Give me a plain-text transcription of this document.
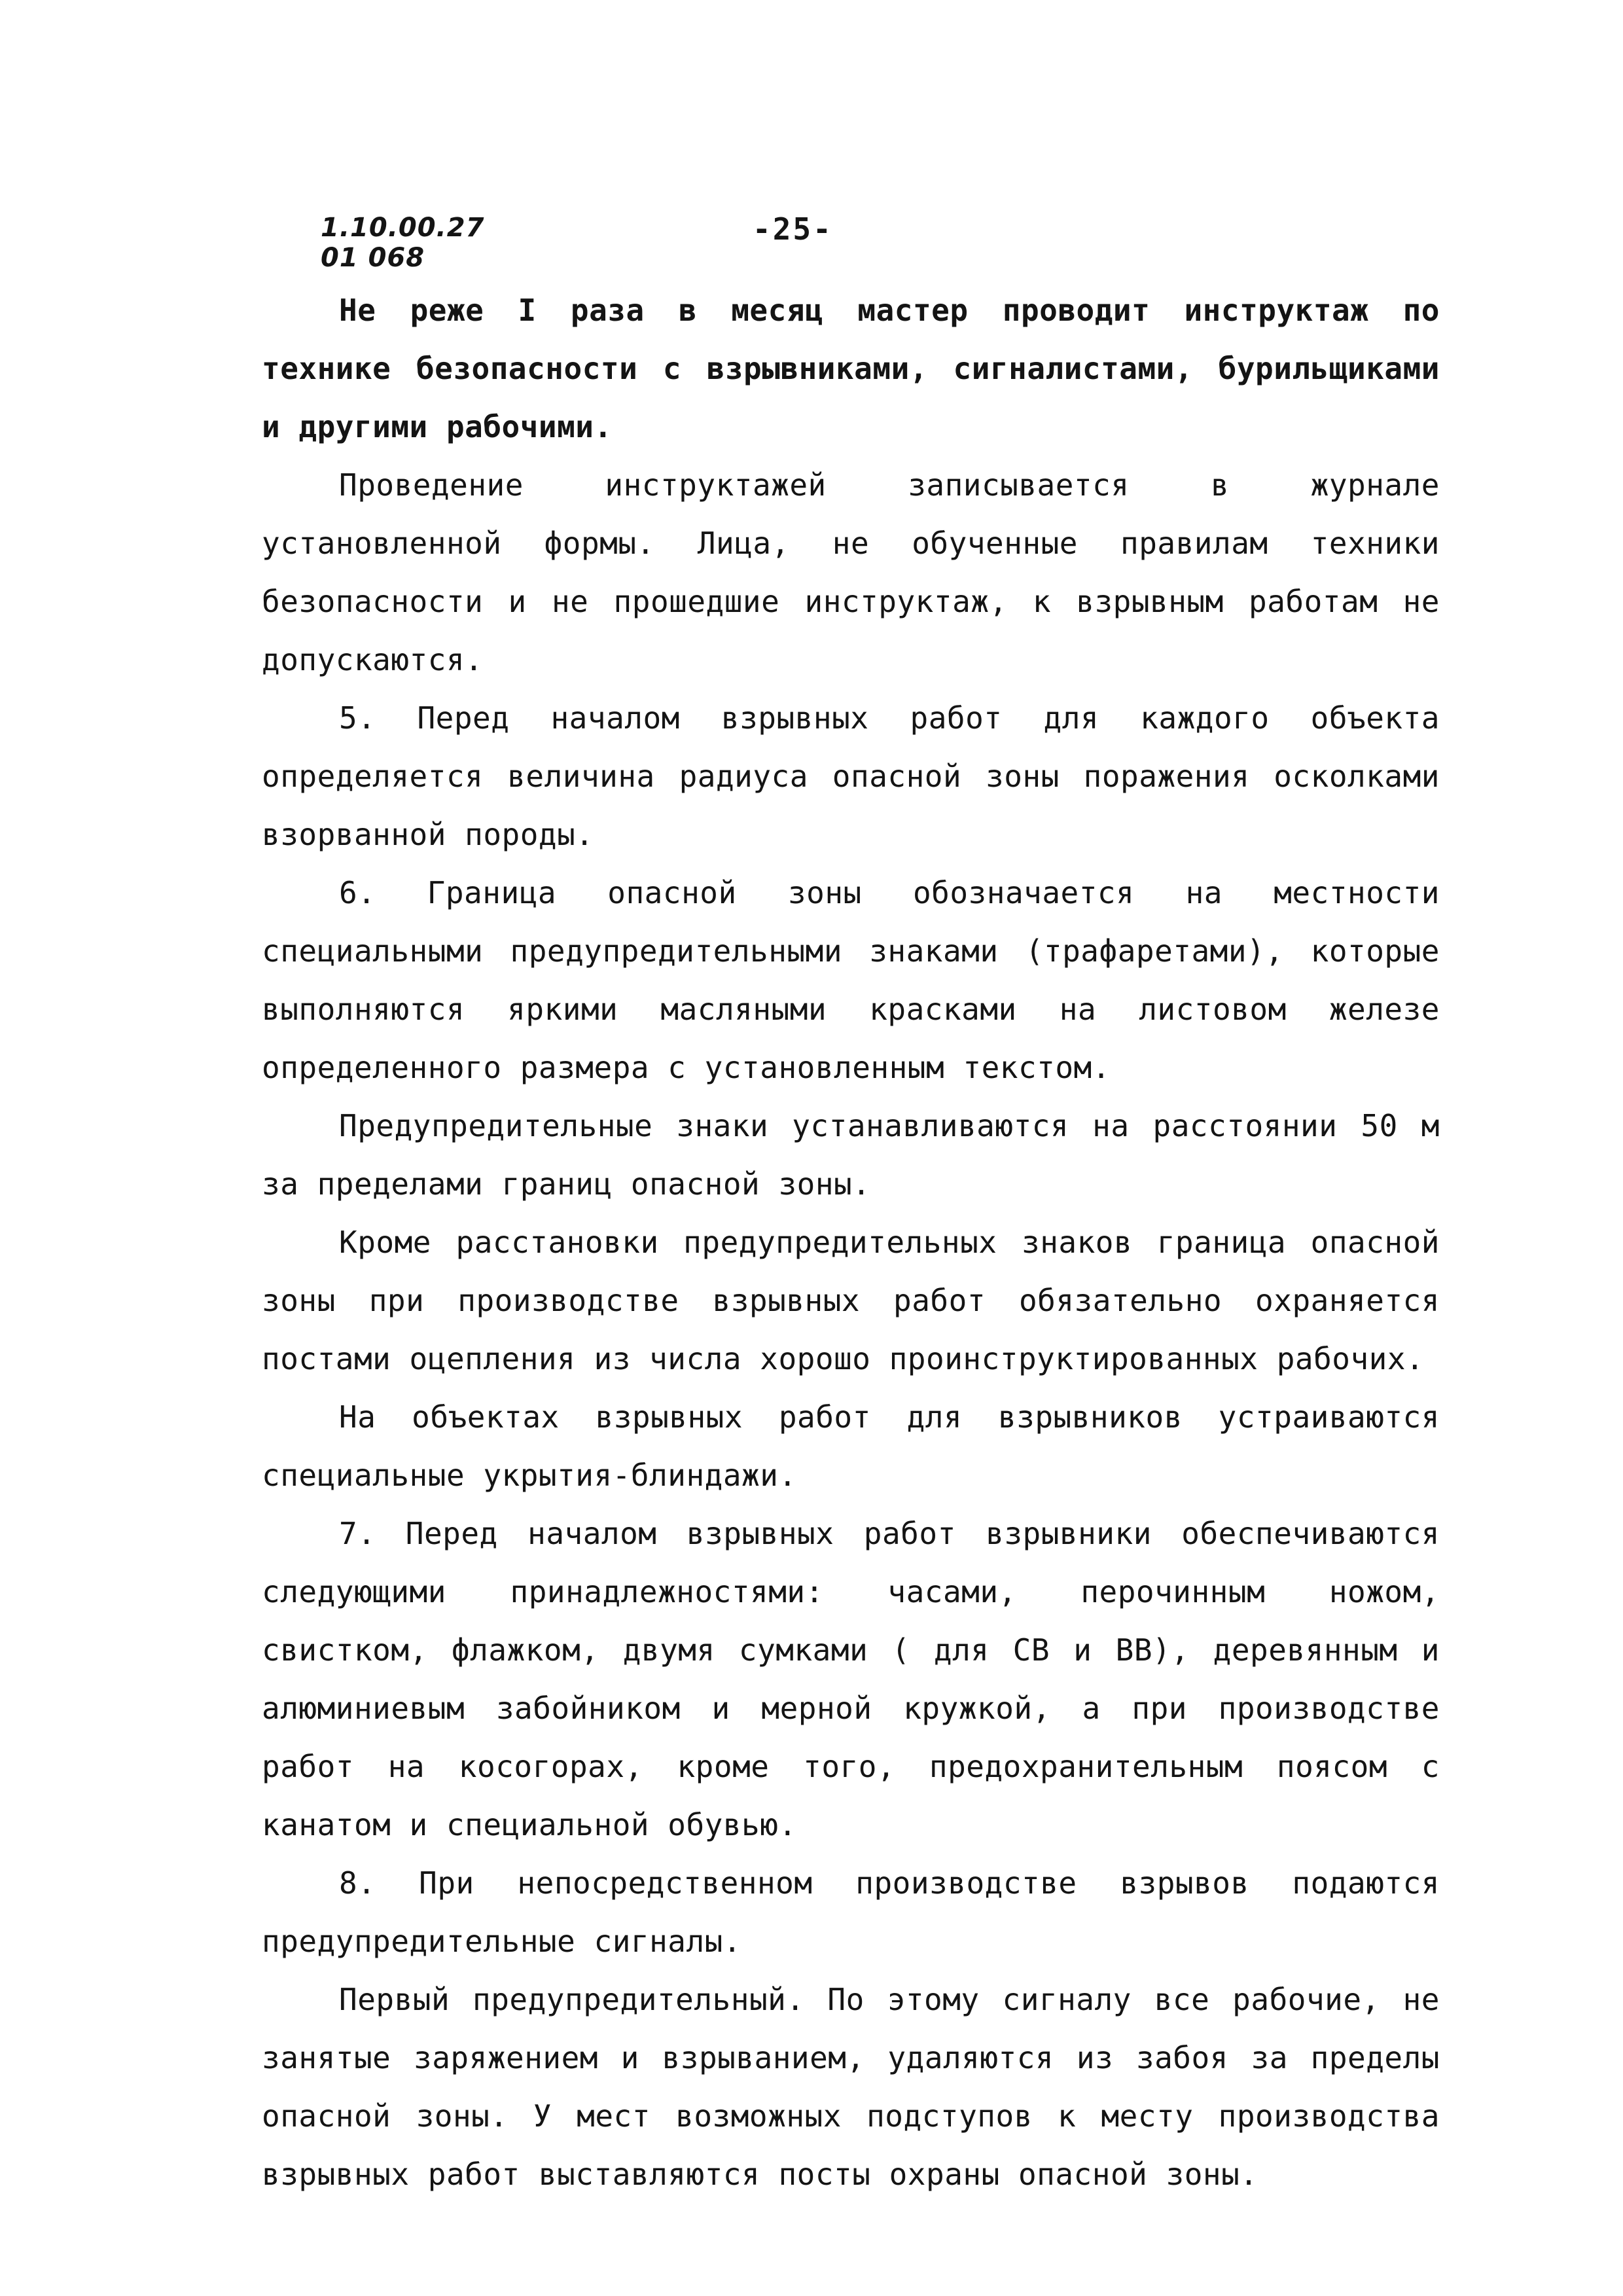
1.10.00.27
01 068
-25-

Не реже I раза в месяц мастер проводит инструктаж по технике безопасности с взрывниками, сигналистами, бурильщиками и другими рабочими.

Проведение инструктажей записывается в журнале установленной формы. Лица, не обученные правилам техники безопасности и не прошедшие инструктаж, к взрывным работам не допускаются.

5. Перед началом взрывных работ для каждого объекта определяется величина радиуса опасной зоны поражения осколками взорванной породы.

6. Граница опасной зоны обозначается на местности специальными предупредительными знаками (трафаретами), которые выполняются яркими масляными красками на листовом железе определенного размера с установленным текстом.

Предупредительные знаки устанавливаются на расстоянии 50 м за пределами границ опасной зоны.

Кроме расстановки предупредительных знаков граница опасной зоны при производстве взрывных работ обязательно охраняется постами оцепления из числа хорошо проинструктированных рабочих.

На объектах взрывных работ для взрывников устраиваются специальные укрытия-блиндажи.

7. Перед началом взрывных работ взрывники обеспечиваются следующими принадлежностями: часами, перочинным ножом, свистком, флажком, двумя сумками ( для СВ и ВВ), деревянным и алюминиевым забойником и мерной кружкой, а при производстве работ на косогорах, кроме того, предохранительным поясом с канатом и специальной обувью.

8. При непосредственном производстве взрывов подаются предупредительные сигналы.

Первый предупредительный. По этому сигналу все рабочие, не занятые заряжением и взрыванием, удаляются из забоя за пределы опасной зоны. У мест возможных подступов к месту производства взрывных работ выставляются посты охраны опасной зоны.
